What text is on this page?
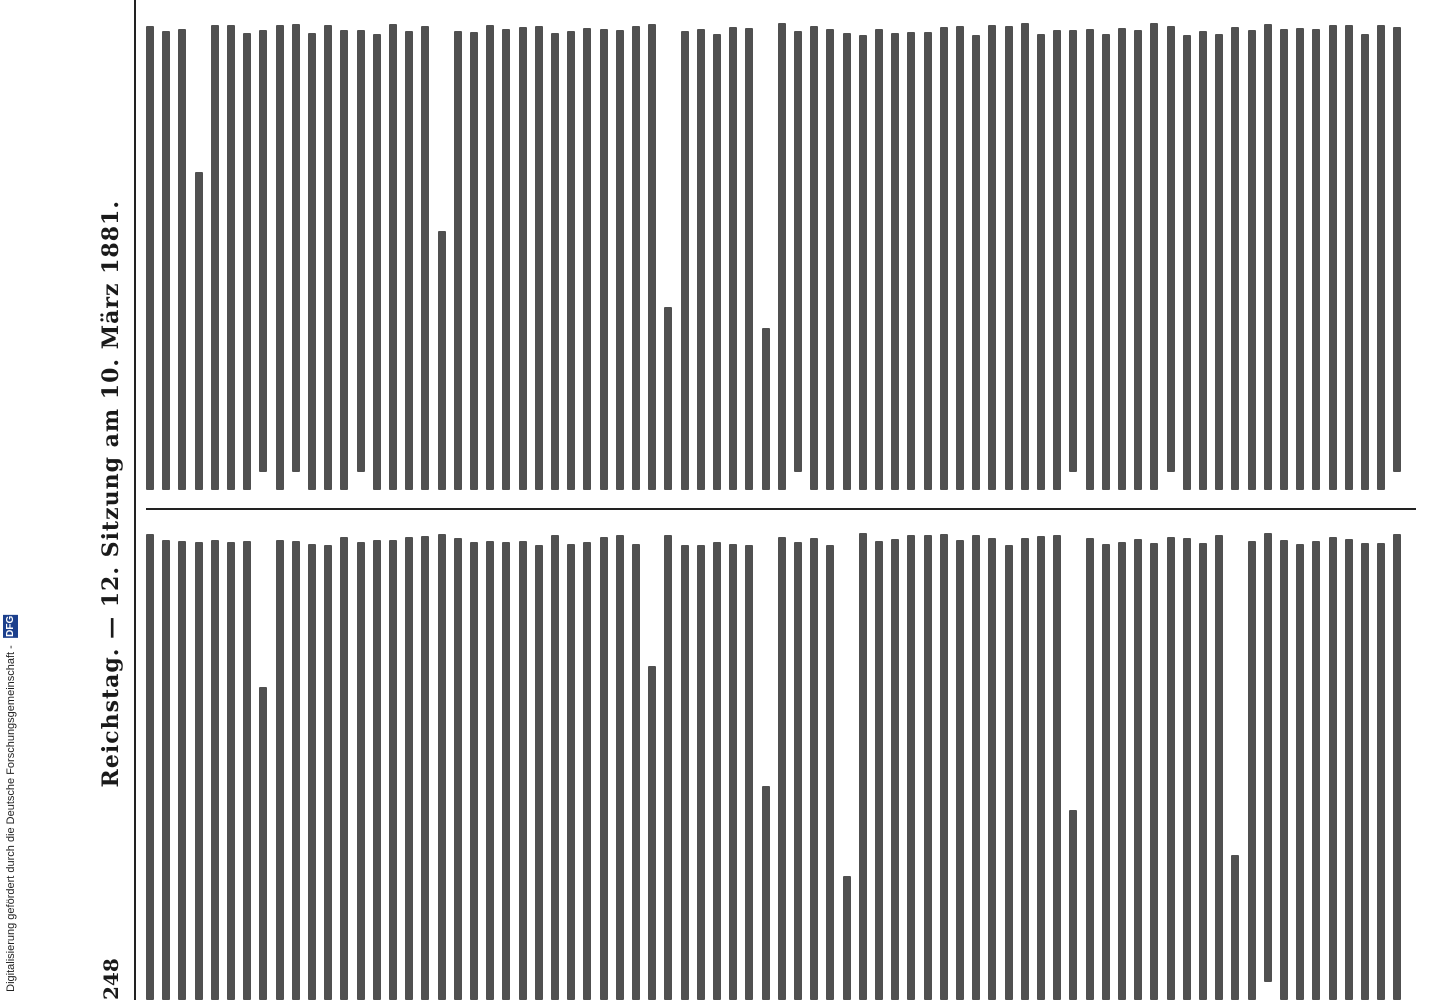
Digitalisierung gefördert durch die Deutsche Forschungsgemeinschaft - DFG
248
Reichstag. — 12. Sitzung am 10. März 1881.
